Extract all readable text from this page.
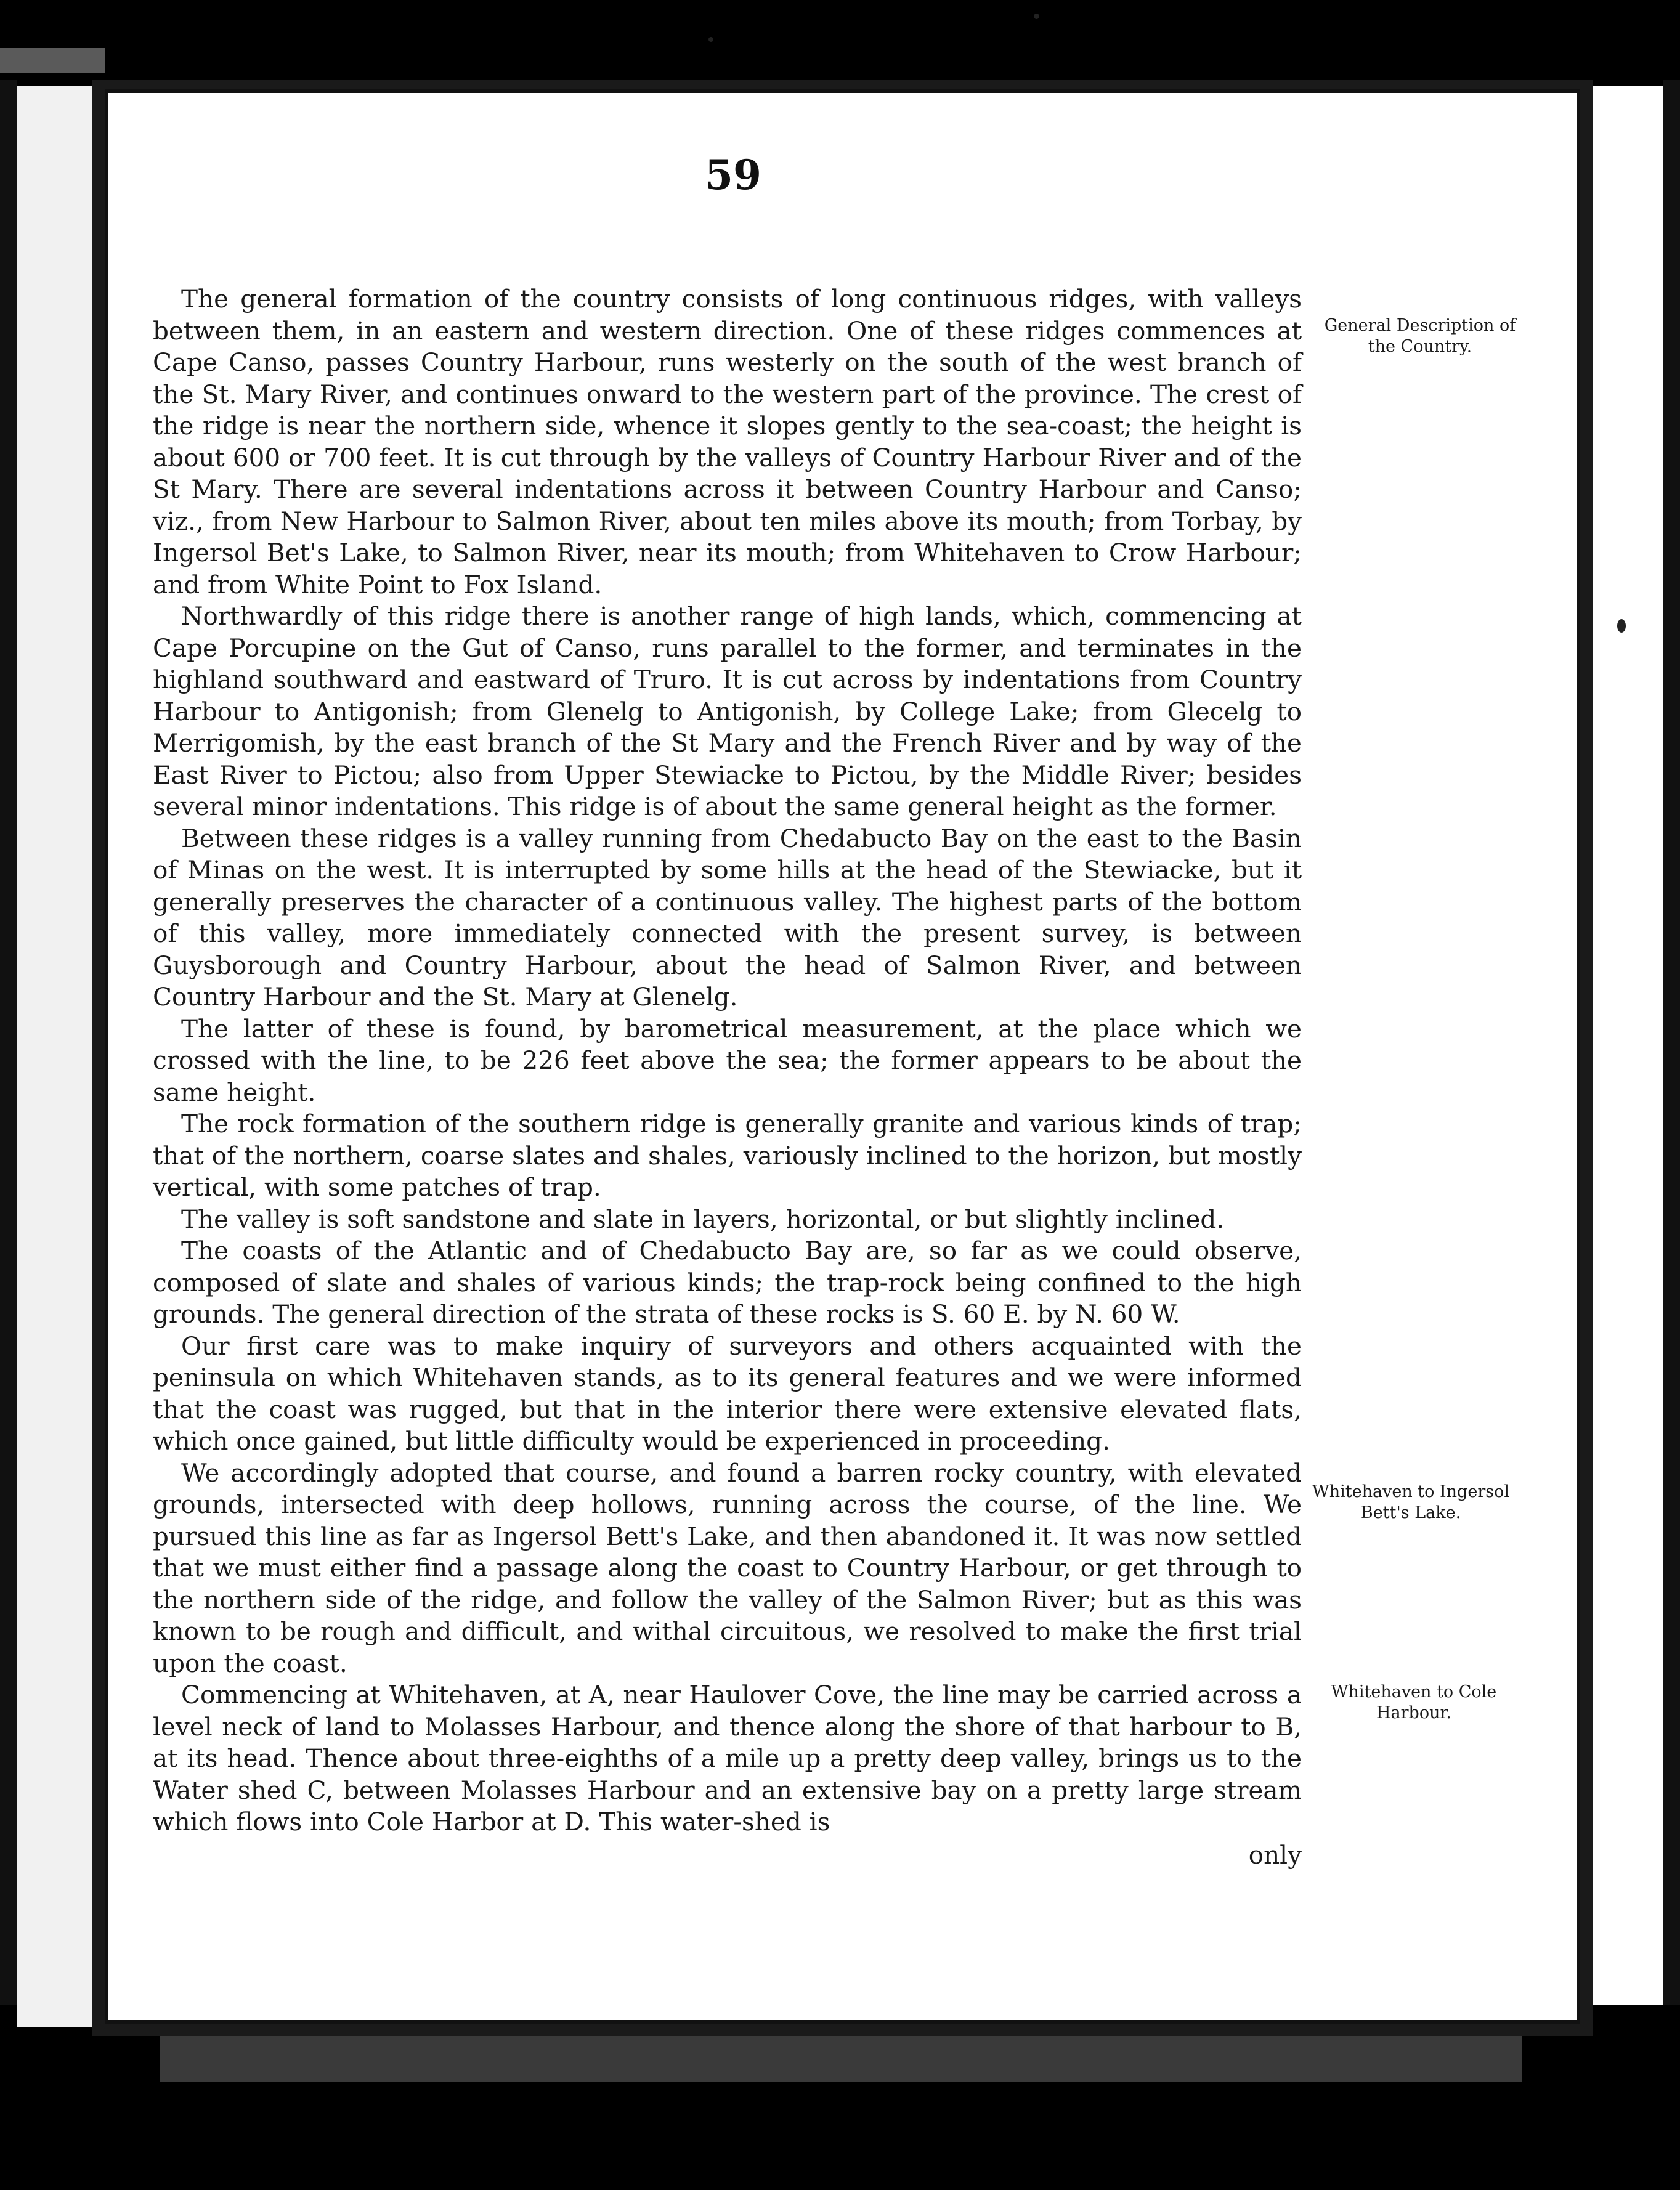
59

The general formation of the country consists of long continuous ridges, with valleys between them, in an eastern and western direction. One of these ridges commences at Cape Canso, passes Country Harbour, runs westerly on the south of the west branch of the St. Mary River, and continues onward to the western part of the province. The crest of the ridge is near the northern side, whence it slopes gently to the sea-coast; the height is about 600 or 700 feet. It is cut through by the valleys of Country Harbour River and of the St Mary. There are several indentations across it between Country Harbour and Canso; viz., from New Harbour to Salmon River, about ten miles above its mouth; from Torbay, by Ingersol Bet's Lake, to Salmon River, near its mouth; from Whitehaven to Crow Harbour; and from White Point to Fox Island.

Northwardly of this ridge there is another range of high lands, which, commencing at Cape Porcupine on the Gut of Canso, runs parallel to the former, and terminates in the highland southward and eastward of Truro. It is cut across by indentations from Country Harbour to Antigonish; from Glenelg to Antigonish, by College Lake; from Glecelg to Merrigomish, by the east branch of the St Mary and the French River and by way of the East River to Pictou; also from Upper Stewiacke to Pictou, by the Middle River; besides several minor indentations. This ridge is of about the same general height as the former.

Between these ridges is a valley running from Chedabucto Bay on the east to the Basin of Minas on the west. It is interrupted by some hills at the head of the Stewiacke, but it generally preserves the character of a continuous valley. The highest parts of the bottom of this valley, more immediately connected with the present survey, is between Guysborough and Country Harbour, about the head of Salmon River, and between Country Harbour and the St. Mary at Glenelg.

The latter of these is found, by barometrical measurement, at the place which we crossed with the line, to be 226 feet above the sea; the former appears to be about the same height.

The rock formation of the southern ridge is generally granite and various kinds of trap; that of the northern, coarse slates and shales, variously inclined to the horizon, but mostly vertical, with some patches of trap.

The valley is soft sandstone and slate in layers, horizontal, or but slightly inclined.

The coasts of the Atlantic and of Chedabucto Bay are, so far as we could observe, composed of slate and shales of various kinds; the trap-rock being confined to the high grounds. The general direction of the strata of these rocks is S. 60 E. by N. 60 W.

Our first care was to make inquiry of surveyors and others acquainted with the peninsula on which Whitehaven stands, as to its general features and we were informed that the coast was rugged, but that in the interior there were extensive elevated flats, which once gained, but little difficulty would be experienced in proceeding.

We accordingly adopted that course, and found a barren rocky country, with elevated grounds, intersected with deep hollows, running across the course, of the line. We pursued this line as far as Ingersol Bett's Lake, and then abandoned it. It was now settled that we must either find a passage along the coast to Country Harbour, or get through to the northern side of the ridge, and follow the valley of the Salmon River; but as this was known to be rough and difficult, and withal circuitous, we resolved to make the first trial upon the coast.

Commencing at Whitehaven, at A, near Haulover Cove, the line may be carried across a level neck of land to Molasses Harbour, and thence along the shore of that harbour to B, at its head. Thence about three-eighths of a mile up a pretty deep valley, brings us to the Water shed C, between Molasses Harbour and an extensive bay on a pretty large stream which flows into Cole Harbor at D. This water-shed is

only
General Description of the Country.
Whitehaven to Ingersol Bett's Lake.
Whitehaven to Cole Harbour.
